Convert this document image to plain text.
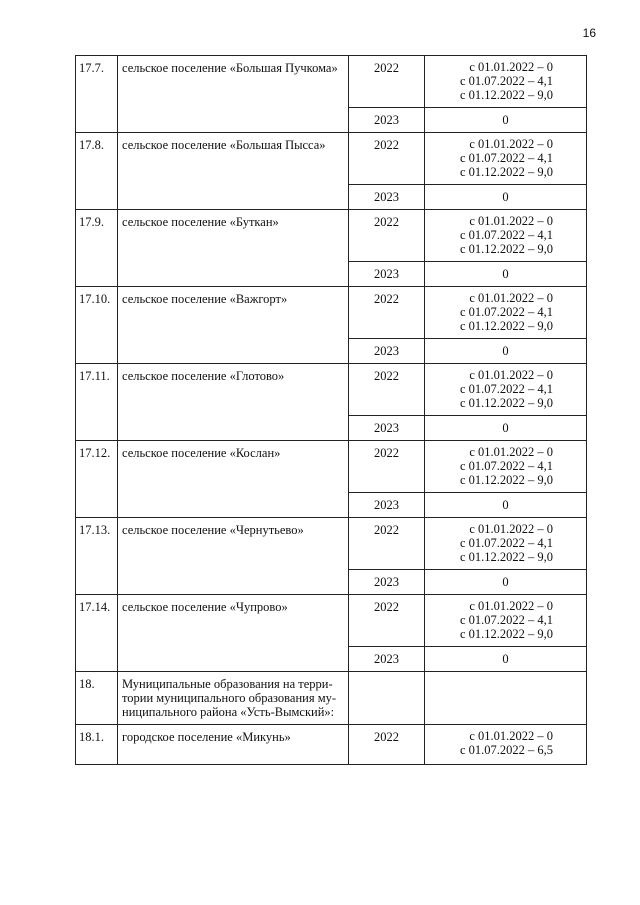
16
17.7.	сельское поселение «Большая Пучкома»	2022	с 01.01.2022 – 0
с 01.07.2022 – 4,1
с 01.12.2022 – 9,0

		2023	0

17.8.	сельское поселение «Большая Пысса»	2022	с 01.01.2022 – 0
с 01.07.2022 – 4,1
с 01.12.2022 – 9,0

		2023	0

17.9.	сельское поселение «Буткан»	2022	с 01.01.2022 – 0
с 01.07.2022 – 4,1
с 01.12.2022 – 9,0

		2023	0

17.10.	сельское поселение «Важгорт»	2022	с 01.01.2022 – 0
с 01.07.2022 – 4,1
с 01.12.2022 – 9,0

		2023	0

17.11.	сельское поселение «Глотово»	2022	с 01.01.2022 – 0
с 01.07.2022 – 4,1
с 01.12.2022 – 9,0

		2023	0

17.12.	сельское поселение «Кослан»	2022	с 01.01.2022 – 0
с 01.07.2022 – 4,1
с 01.12.2022 – 9,0

		2023	0

17.13.	сельское поселение «Чернутьево»	2022	с 01.01.2022 – 0
с 01.07.2022 – 4,1
с 01.12.2022 – 9,0

		2023	0

17.14.	сельское поселение «Чупрово»	2022	с 01.01.2022 – 0
с 01.07.2022 – 4,1
с 01.12.2022 – 9,0

		2023	0

18.	Муниципальные образования на терри-
тории муниципального образования му-
ниципального района «Усть-Вымский»:		

18.1.	городское поселение «Микунь»	2022	с 01.01.2022 – 0
с 01.07.2022 – 6,5
